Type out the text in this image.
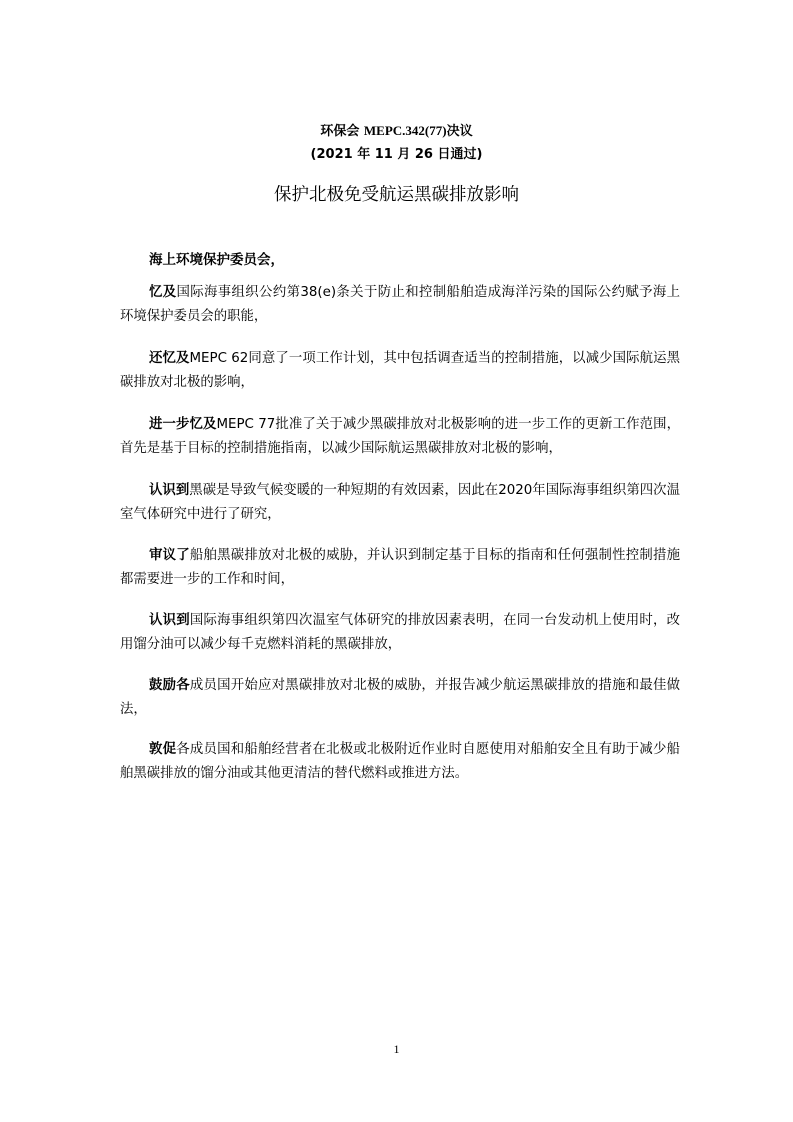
环保会 MEPC.342(77)决议
(2021 年 11 月 26 日通过)
保护北极免受航运黑碳排放影响
海上环境保护委员会，

忆及国际海事组织公约第38(e)条关于防止和控制船舶造成海洋污染的国际公约赋予海上环境保护委员会的职能，

还忆及MEPC 62同意了一项工作计划，其中包括调查适当的控制措施，以减少国际航运黑碳排放对北极的影响，

进一步忆及MEPC 77批准了关于减少黑碳排放对北极影响的进一步工作的更新工作范围，首先是基于目标的控制措施指南，以减少国际航运黑碳排放对北极的影响，

认识到黑碳是导致气候变暖的一种短期的有效因素，因此在2020年国际海事组织第四次温室气体研究中进行了研究，

审议了船舶黑碳排放对北极的威胁，并认识到制定基于目标的指南和任何强制性控制措施都需要进一步的工作和时间，

认识到国际海事组织第四次温室气体研究的排放因素表明，在同一台发动机上使用时，改用馏分油可以减少每千克燃料消耗的黑碳排放，

鼓励各成员国开始应对黑碳排放对北极的威胁，并报告减少航运黑碳排放的措施和最佳做法，

敦促各成员国和船舶经营者在北极或北极附近作业时自愿使用对船舶安全且有助于减少船舶黑碳排放的馏分油或其他更清洁的替代燃料或推进方法。

1
